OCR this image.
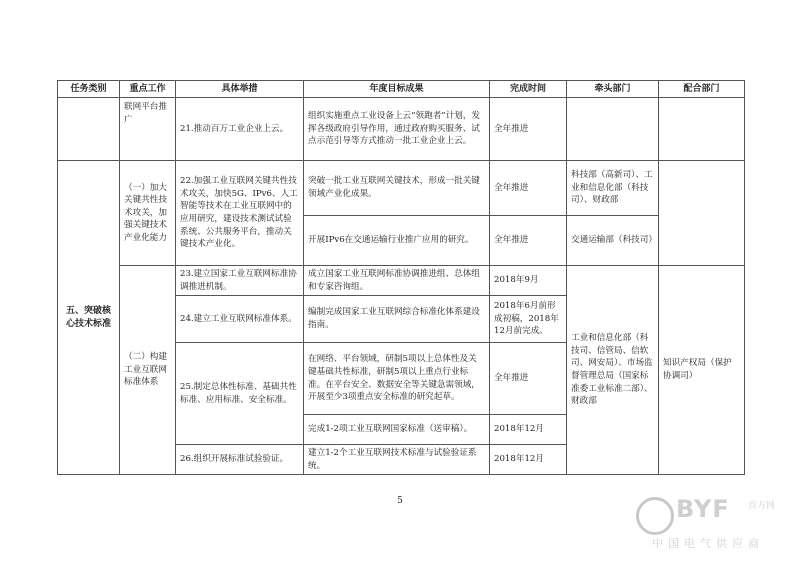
任务类别	重点工作	具体举措	年度目标成果	完成时间	牵头部门	配合部门
	联网平台推广	21.推动百万工业企业上云。	组织实施重点工业设备上云“领跑者”计划，发挥各级政府引导作用，通过政府购买服务、试点示范引导等方式推动一批工业企业上云。	全年推进		
五、突破核心技术标准	（一）加大关键共性技术攻关，加强关键技术产业化能力	22.加强工业互联网关键共性技术攻关，加快5G、IPv6、人工智能等技术在工业互联网中的应用研究，建设技术测试试验系统、公共服务平台，推动关键技术产业化。	突破一批工业互联网关键技术，形成一批关键领域产业化成果。	全年推进	科技部（高新司）、工业和信息化部（科技司）、财政部	
			开展IPv6在交通运输行业推广应用的研究。	全年推进	交通运输部（科技司）	
	（二）构建工业互联网标准体系	23.建立国家工业互联网标准协调推进机制。	成立国家工业互联网标准协调推进组、总体组和专家咨询组。	2018年9月	工业和信息化部（科技司、信管局、信软司、网安局）、市场监督管理总局（国家标准委工业标准二部）、财政部	知识产权局（保护协调司）
		24.建立工业互联网标准体系。	编制完成国家工业互联网综合标准化体系建设指南。	2018年6月前形成初稿，2018年12月前完成。		
		25.制定总体性标准、基础共性标准、应用标准、安全标准。	在网络、平台领域，研制5项以上总体性及关键基础共性标准，研制5项以上重点行业标准。在平台安全、数据安全等关键急需领域，开展至少3项重点安全标准的研究起草。	全年推进		
			完成1-2项工业互联网国家标准（送审稿）。	2018年12月		
		26.组织开展标准试验验证。	建立1-2个工业互联网技术标准与试验验证系统。	2018年12月		
5	BYF 百方网
中国电气供应商
